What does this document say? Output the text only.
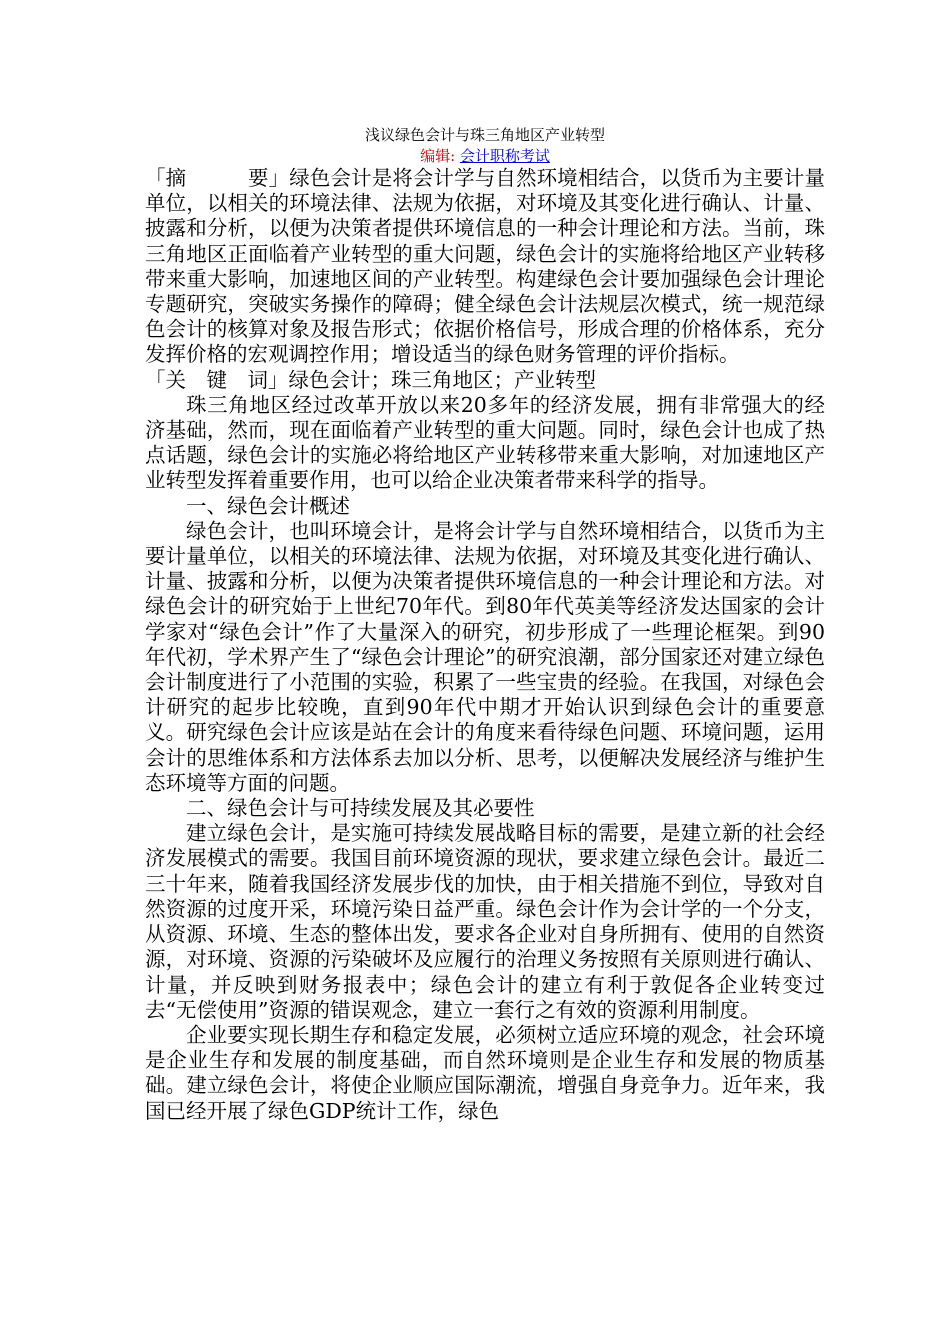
浅议绿色会计与珠三角地区产业转型

编辑: 会计职称考试

「摘　　　要」绿色会计是将会计学与自然环境相结合，以货币为主要计量单位，以相关的环境法律、法规为依据，对环境及其变化进行确认、计量、披露和分析，以便为决策者提供环境信息的一种会计理论和方法。当前，珠三角地区正面临着产业转型的重大问题，绿色会计的实施将给地区产业转移带来重大影响，加速地区间的产业转型。构建绿色会计要加强绿色会计理论专题研究，突破实务操作的障碍；健全绿色会计法规层次模式，统一规范绿色会计的核算对象及报告形式；依据价格信号，形成合理的价格体系，充分发挥价格的宏观调控作用；增设适当的绿色财务管理的评价指标。

「关　键　词」绿色会计；珠三角地区；产业转型

珠三角地区经过改革开放以来20多年的经济发展，拥有非常强大的经济基础，然而，现在面临着产业转型的重大问题。同时，绿色会计也成了热点话题，绿色会计的实施必将给地区产业转移带来重大影响，对加速地区产业转型发挥着重要作用，也可以给企业决策者带来科学的指导。

一、绿色会计概述

绿色会计，也叫环境会计，是将会计学与自然环境相结合，以货币为主要计量单位，以相关的环境法律、法规为依据，对环境及其变化进行确认、计量、披露和分析，以便为决策者提供环境信息的一种会计理论和方法。对绿色会计的研究始于上世纪70年代。到80年代英美等经济发达国家的会计学家对“绿色会计”作了大量深入的研究，初步形成了一些理论框架。到90年代初，学术界产生了“绿色会计理论”的研究浪潮，部分国家还对建立绿色会计制度进行了小范围的实验，积累了一些宝贵的经验。在我国，对绿色会计研究的起步比较晚，直到90年代中期才开始认识到绿色会计的重要意义。研究绿色会计应该是站在会计的角度来看待绿色问题、环境问题，运用会计的思维体系和方法体系去加以分析、思考，以便解决发展经济与维护生态环境等方面的问题。

二、绿色会计与可持续发展及其必要性

建立绿色会计，是实施可持续发展战略目标的需要，是建立新的社会经济发展模式的需要。我国目前环境资源的现状，要求建立绿色会计。最近二三十年来，随着我国经济发展步伐的加快，由于相关措施不到位，导致对自然资源的过度开采，环境污染日益严重。绿色会计作为会计学的一个分支，从资源、环境、生态的整体出发，要求各企业对自身所拥有、使用的自然资源，对环境、资源的污染破坏及应履行的治理义务按照有关原则进行确认、计量，并反映到财务报表中；绿色会计的建立有利于敦促各企业转变过去“无偿使用”资源的错误观念，建立一套行之有效的资源利用制度。

企业要实现长期生存和稳定发展，必须树立适应环境的观念，社会环境是企业生存和发展的制度基础，而自然环境则是企业生存和发展的物质基础。建立绿色会计，将使企业顺应国际潮流，增强自身竞争力。近年来，我国已经开展了绿色GDP统计工作，绿色
